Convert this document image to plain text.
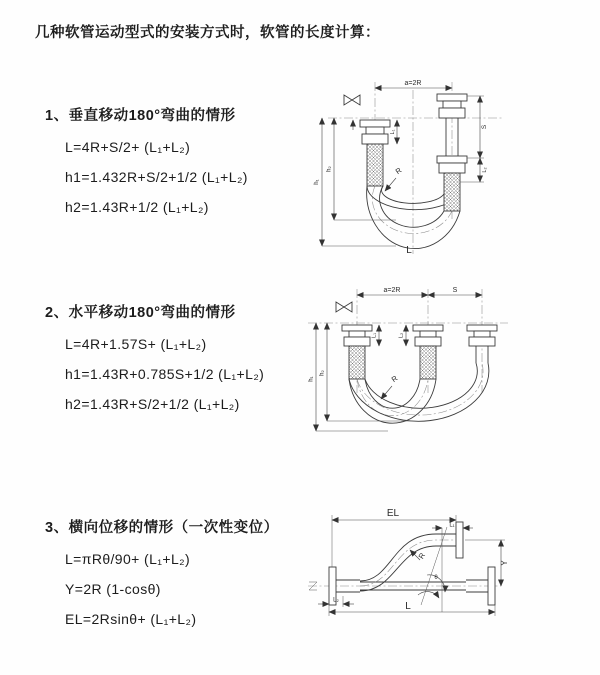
几种软管运动型式的安装方式时，软管的长度计算：
1、垂直移动180°弯曲的情形
L=4R+S/2+ (L₁+L₂)
h1=1.432R+S/2+1/2 (L₁+L₂)
h2=1.43R+1/2 (L₁+L₂)
2、水平移动180°弯曲的情形
L=4R+1.57S+ (L₁+L₂)
h1=1.43R+0.785S+1/2 (L₁+L₂)
h2=1.43R+S/2+1/2 (L₁+L₂)
3、横向位移的情形（一次性变位）
L=πRθ/90+ (L₁+L₂)
Y=2R (1-cosθ)
EL=2Rsinθ+ (L₁+L₂)
a=2R
h₁
h₂
L₁
S
L₂
R
L
a=2R	S
h₁
h₂
L₁	L₂
R
θ
EL
L₁
Y
R
L₂
L
